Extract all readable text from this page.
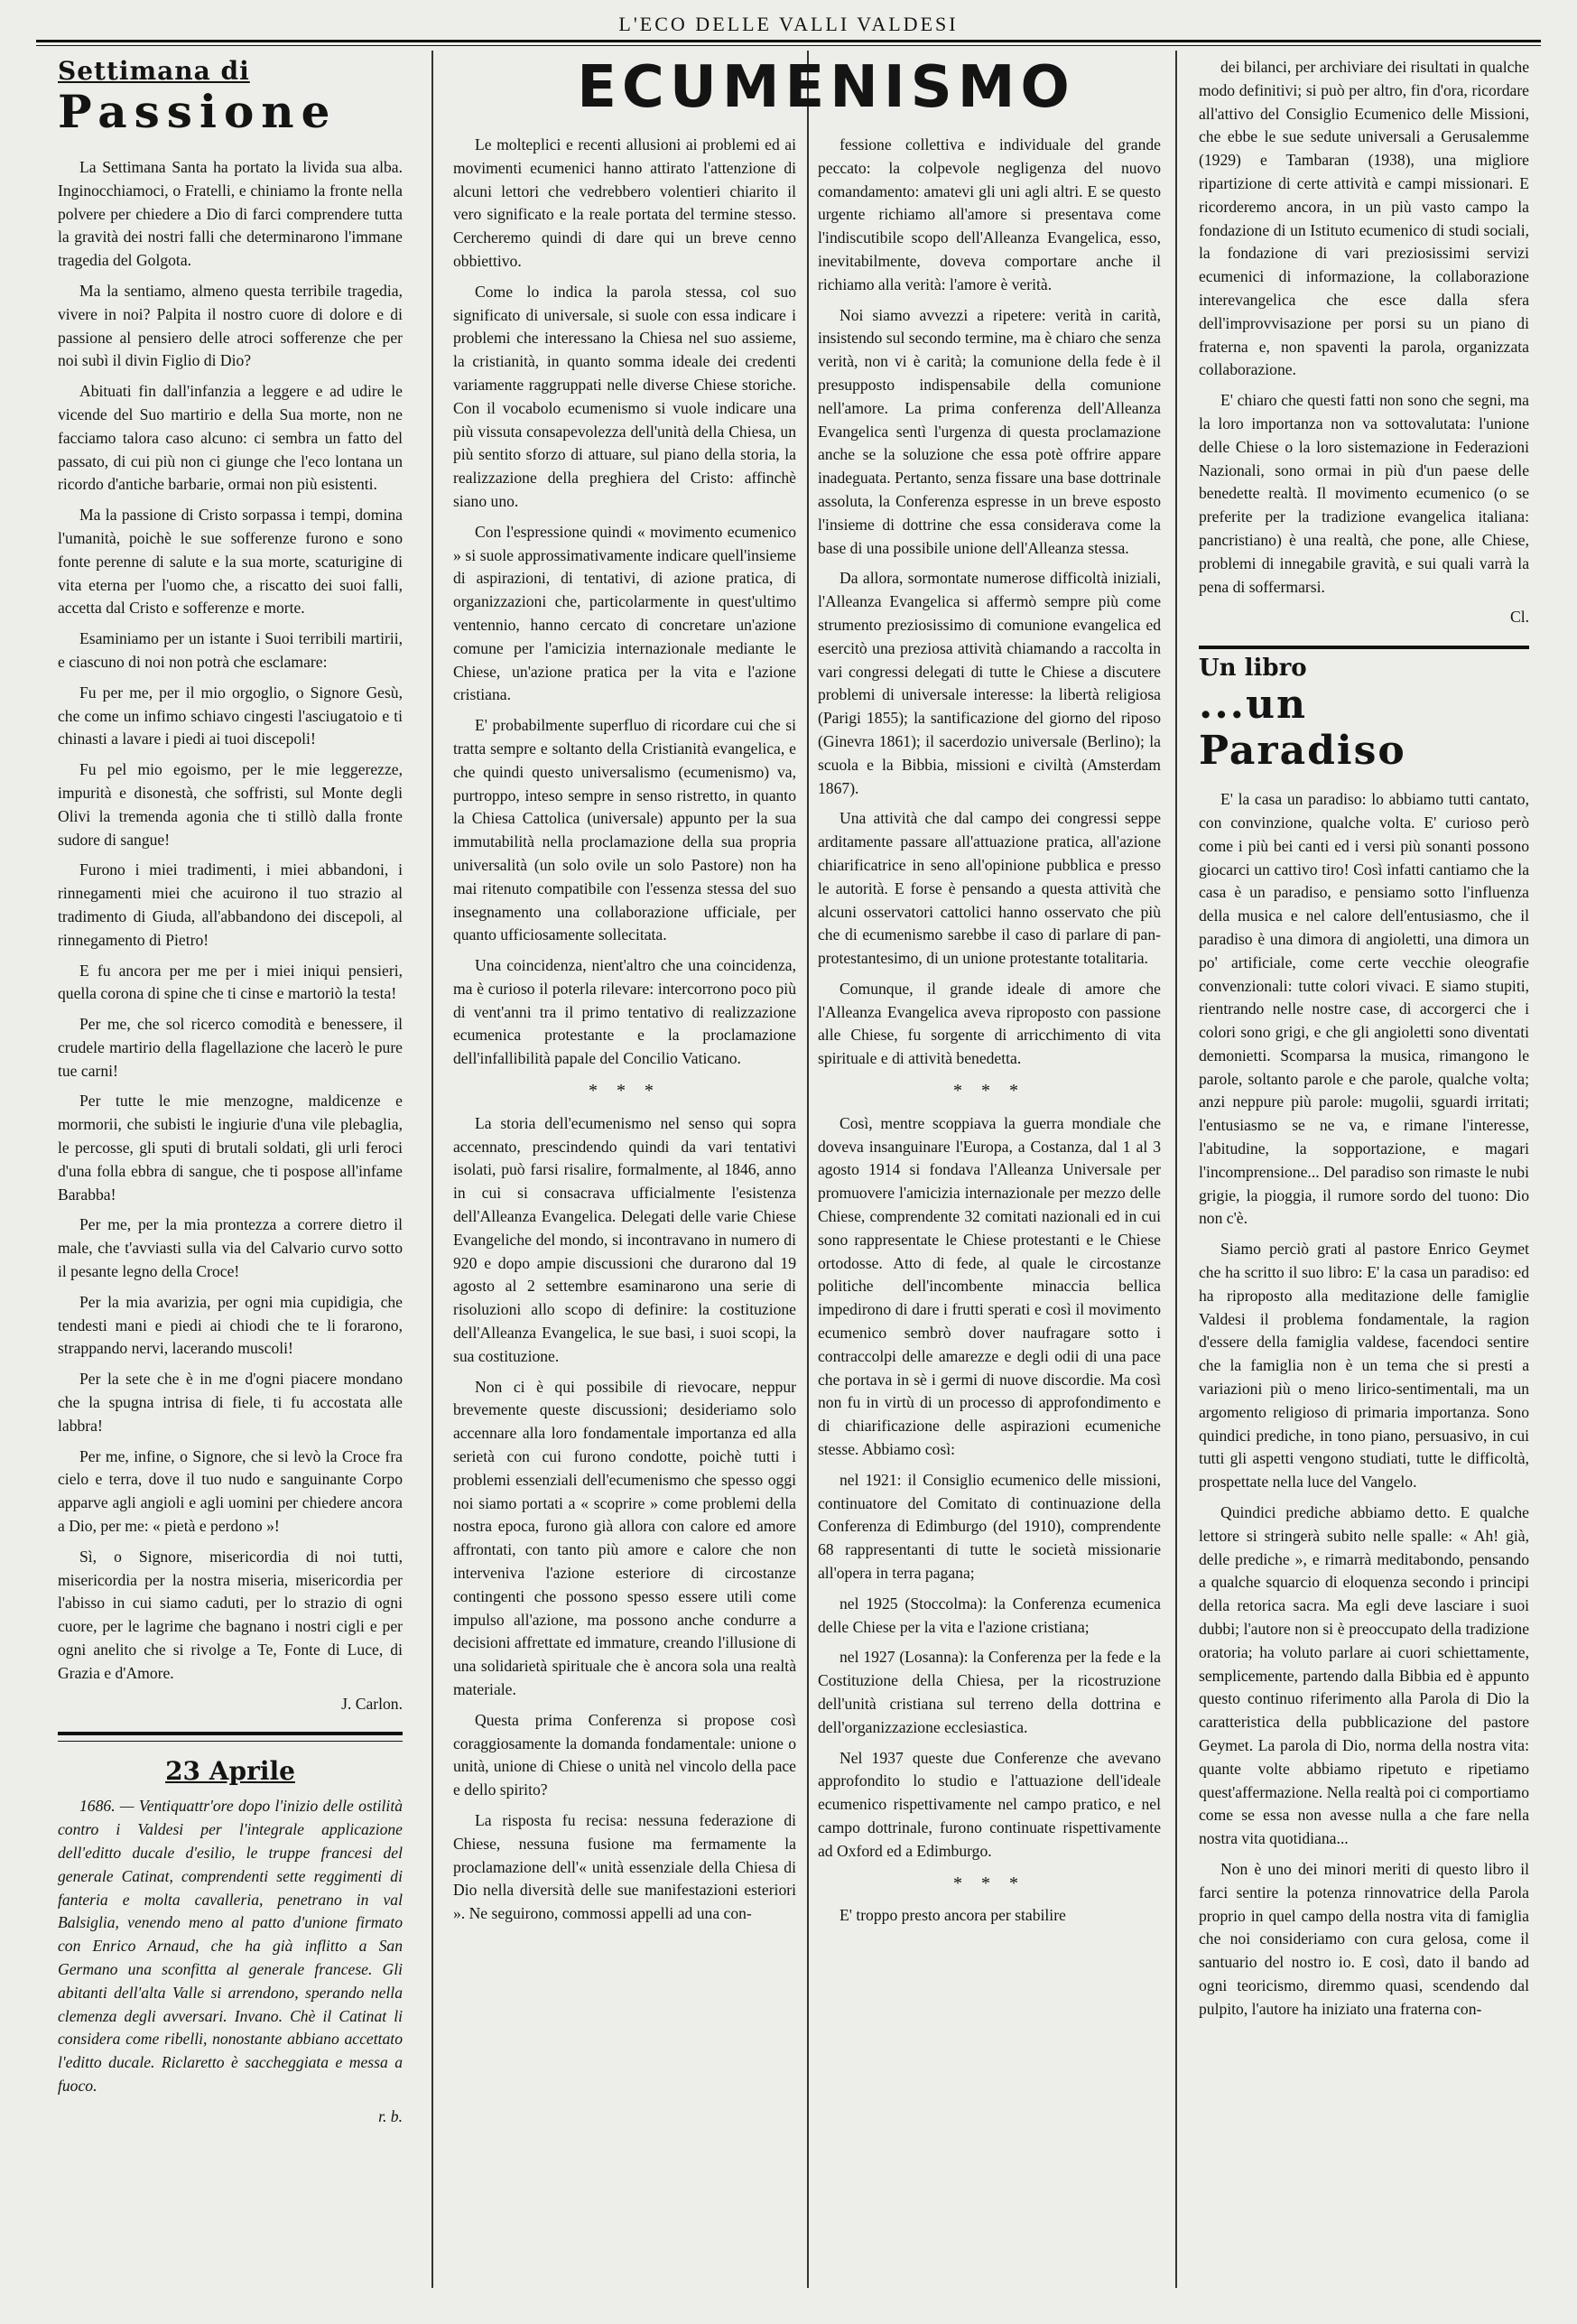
L'ECO DELLE VALLI VALDESI
ECUMENISMO
Settimana di
Passione

La Settimana Santa ha portato la livida sua alba. Inginocchiamoci, o Fratelli, e chiniamo la fronte nella polvere per chiedere a Dio di farci comprendere tutta la gravità dei nostri falli che determinarono l'immane tragedia del Golgota.

Ma la sentiamo, almeno questa terribile tragedia, vivere in noi? Palpita il nostro cuore di dolore e di passione al pensiero delle atroci sofferenze che per noi subì il divin Figlio di Dio?

Abituati fin dall'infanzia a leggere e ad udire le vicende del Suo martirio e della Sua morte, non ne facciamo talora caso alcuno: ci sembra un fatto del passato, di cui più non ci giunge che l'eco lontana un ricordo d'antiche barbarie, ormai non più esistenti.

Ma la passione di Cristo sorpassa i tempi, domina l'umanità, poichè le sue sofferenze furono e sono fonte perenne di salute e la sua morte, scaturigine di vita eterna per l'uomo che, a riscatto dei suoi falli, accetta dal Cristo e sofferenze e morte.

Esaminiamo per un istante i Suoi terribili martirii, e ciascuno di noi non potrà che esclamare:

Fu per me, per il mio orgoglio, o Signore Gesù, che come un infimo schiavo cingesti l'asciugatoio e ti chinasti a lavare i piedi ai tuoi discepoli!

Fu pel mio egoismo, per le mie leggerezze, impurità e disonestà, che soffristi, sul Monte degli Olivi la tremenda agonia che ti stillò dalla fronte sudore di sangue!

Furono i miei tradimenti, i miei abbandoni, i rinnegamenti miei che acuirono il tuo strazio al tradimento di Giuda, all'abbandono dei discepoli, al rinnegamento di Pietro!

E fu ancora per me per i miei iniqui pensieri, quella corona di spine che ti cinse e martoriò la testa!

Per me, che sol ricerco comodità e benessere, il crudele martirio della flagellazione che lacerò le pure tue carni!

Per tutte le mie menzogne, maldicenze e mormorii, che subisti le ingiurie d'una vile plebaglia, le percosse, gli sputi di brutali soldati, gli urli feroci d'una folla ebbra di sangue, che ti pospose all'infame Barabba!

Per me, per la mia prontezza a correre dietro il male, che t'avviasti sulla via del Calvario curvo sotto il pesante legno della Croce!

Per la mia avarizia, per ogni mia cupidigia, che tendesti mani e piedi ai chiodi che te li forarono, strappando nervi, lacerando muscoli!

Per la sete che è in me d'ogni piacere mondano che la spugna intrisa di fiele, ti fu accostata alle labbra!

Per me, infine, o Signore, che si levò la Croce fra cielo e terra, dove il tuo nudo e sanguinante Corpo apparve agli angioli e agli uomini per chiedere ancora a Dio, per me: « pietà e perdono »!

Sì, o Signore, misericordia di noi tutti, misericordia per la nostra miseria, misericordia per l'abisso in cui siamo caduti, per lo strazio di ogni cuore, per le lagrime che bagnano i nostri cigli e per ogni anelito che si rivolge a Te, Fonte di Luce, di Grazia e d'Amore.

J. Carlon.

23 Aprile

1686. — Ventiquattr'ore dopo l'inizio delle ostilità contro i Valdesi per l'integrale applicazione dell'editto ducale d'esilio, le truppe francesi del generale Catinat, comprendenti sette reggimenti di fanteria e molta cavalleria, penetrano in val Balsiglia, venendo meno al patto d'unione firmato con Enrico Arnaud, che ha già inflitto a San Germano una sconfitta al generale francese. Gli abitanti dell'alta Valle si arrendono, sperando nella clemenza degli avversari. Invano. Chè il Catinat li considera come ribelli, nonostante abbiano accettato l'editto ducale. Riclaretto è saccheggiata e messa a fuoco.

r. b.

Le molteplici e recenti allusioni ai problemi ed ai movimenti ecumenici hanno attirato l'attenzione di alcuni lettori che vedrebbero volentieri chiarito il vero significato e la reale portata del termine stesso. Cercheremo quindi di dare qui un breve cenno obbiettivo.

Come lo indica la parola stessa, col suo significato di universale, si suole con essa indicare i problemi che interessano la Chiesa nel suo assieme, la cristianità, in quanto somma ideale dei credenti variamente raggruppati nelle diverse Chiese storiche. Con il vocabolo ecumenismo si vuole indicare una più vissuta consapevolezza dell'unità della Chiesa, un più sentito sforzo di attuare, sul piano della storia, la realizzazione della preghiera del Cristo: affinchè siano uno.

Con l'espressione quindi « movimento ecumenico » si suole approssimativamente indicare quell'insieme di aspirazioni, di tentativi, di azione pratica, di organizzazioni che, particolarmente in quest'ultimo ventennio, hanno cercato di concretare un'azione comune per l'amicizia internazionale mediante le Chiese, un'azione pratica per la vita e l'azione cristiana.

E' probabilmente superfluo di ricordare cui che si tratta sempre e soltanto della Cristianità evangelica, e che quindi questo universalismo (ecumenismo) va, purtroppo, inteso sempre in senso ristretto, in quanto la Chiesa Cattolica (universale) appunto per la sua immutabilità nella proclamazione della sua propria universalità (un solo ovile un solo Pastore) non ha mai ritenuto compatibile con l'essenza stessa del suo insegnamento una collaborazione ufficiale, per quanto ufficiosamente sollecitata.

Una coincidenza, nient'altro che una coincidenza, ma è curioso il poterla rilevare: intercorrono poco più di vent'anni tra il primo tentativo di realizzazione ecumenica protestante e la proclamazione dell'infallibilità papale del Concilio Vaticano.

* * *

La storia dell'ecumenismo nel senso qui sopra accennato, prescindendo quindi da vari tentativi isolati, può farsi risalire, formalmente, al 1846, anno in cui si consacrava ufficialmente l'esistenza dell'Alleanza Evangelica. Delegati delle varie Chiese Evangeliche del mondo, si incontravano in numero di 920 e dopo ampie discussioni che durarono dal 19 agosto al 2 settembre esaminarono una serie di risoluzioni allo scopo di definire: la costituzione dell'Alleanza Evangelica, le sue basi, i suoi scopi, la sua costituzione.

Non ci è qui possibile di rievocare, neppur brevemente queste discussioni; desideriamo solo accennare alla loro fondamentale importanza ed alla serietà con cui furono condotte, poichè tutti i problemi essenziali dell'ecumenismo che spesso oggi noi siamo portati a « scoprire » come problemi della nostra epoca, furono già allora con calore ed amore affrontati, con tanto più amore e calore che non interveniva l'azione esteriore di circostanze contingenti che possono spesso essere utili come impulso all'azione, ma possono anche condurre a decisioni affrettate ed immature, creando l'illusione di una solidarietà spirituale che è ancora sola una realtà materiale.

Questa prima Conferenza si propose così coraggiosamente la domanda fondamentale: unione o unità, unione di Chiese o unità nel vincolo della pace e dello spirito?

La risposta fu recisa: nessuna federazione di Chiese, nessuna fusione ma fermamente la proclamazione dell'« unità essenziale della Chiesa di Dio nella diversità delle sue manifestazioni esteriori ». Ne seguirono, commossi appelli ad una con-

fessione collettiva e individuale del grande peccato: la colpevole negligenza del nuovo comandamento: amatevi gli uni agli altri. E se questo urgente richiamo all'amore si presentava come l'indiscutibile scopo dell'Alleanza Evangelica, esso, inevitabilmente, doveva comportare anche il richiamo alla verità: l'amore è verità.

Noi siamo avvezzi a ripetere: verità in carità, insistendo sul secondo termine, ma è chiaro che senza verità, non vi è carità; la comunione della fede è il presupposto indispensabile della comunione nell'amore. La prima conferenza dell'Alleanza Evangelica sentì l'urgenza di questa proclamazione anche se la soluzione che essa potè offrire appare inadeguata. Pertanto, senza fissare una base dottrinale assoluta, la Conferenza espresse in un breve esposto l'insieme di dottrine che essa considerava come la base di una possibile unione dell'Alleanza stessa.

Da allora, sormontate numerose difficoltà iniziali, l'Alleanza Evangelica si affermò sempre più come strumento preziosissimo di comunione evangelica ed esercitò una preziosa attività chiamando a raccolta in vari congressi delegati di tutte le Chiese a discutere problemi di universale interesse: la libertà religiosa (Parigi 1855); la santificazione del giorno del riposo (Ginevra 1861); il sacerdozio universale (Berlino); la scuola e la Bibbia, missioni e civiltà (Amsterdam 1867).

Una attività che dal campo dei congressi seppe arditamente passare all'attuazione pratica, all'azione chiarificatrice in seno all'opinione pubblica e presso le autorità. E forse è pensando a questa attività che alcuni osservatori cattolici hanno osservato che più che di ecumenismo sarebbe il caso di parlare di pan-protestantesimo, di un unione protestante totalitaria.

Comunque, il grande ideale di amore che l'Alleanza Evangelica aveva riproposto con passione alle Chiese, fu sorgente di arricchimento di vita spirituale e di attività benedetta.

* * *

Così, mentre scoppiava la guerra mondiale che doveva insanguinare l'Europa, a Costanza, dal 1 al 3 agosto 1914 si fondava l'Alleanza Universale per promuovere l'amicizia internazionale per mezzo delle Chiese, comprendente 32 comitati nazionali ed in cui sono rappresentate le Chiese protestanti e le Chiese ortodosse. Atto di fede, al quale le circostanze politiche dell'incombente minaccia bellica impedirono di dare i frutti sperati e così il movimento ecumenico sembrò dover naufragare sotto i contraccolpi delle amarezze e degli odii di una pace che portava in sè i germi di nuove discordie. Ma così non fu in virtù di un processo di approfondimento e di chiarificazione delle aspirazioni ecumeniche stesse. Abbiamo così:

nel 1921: il Consiglio ecumenico delle missioni, continuatore del Comitato di continuazione della Conferenza di Edimburgo (del 1910), comprendente 68 rappresentanti di tutte le società missionarie all'opera in terra pagana;

nel 1925 (Stoccolma): la Conferenza ecumenica delle Chiese per la vita e l'azione cristiana;

nel 1927 (Losanna): la Conferenza per la fede e la Costituzione della Chiesa, per la ricostruzione dell'unità cristiana sul terreno della dottrina e dell'organizzazione ecclesiastica.

Nel 1937 queste due Conferenze che avevano approfondito lo studio e l'attuazione dell'ideale ecumenico rispettivamente nel campo pratico, e nel campo dottrinale, furono continuate rispettivamente ad Oxford ed a Edimburgo.

* * *

E' troppo presto ancora per stabilire

dei bilanci, per archiviare dei risultati in qualche modo definitivi; si può per altro, fin d'ora, ricordare all'attivo del Consiglio Ecumenico delle Missioni, che ebbe le sue sedute universali a Gerusalemme (1929) e Tambaran (1938), una migliore ripartizione di certe attività e campi missionari. E ricorderemo ancora, in un più vasto campo la fondazione di un Istituto ecumenico di studi sociali, la fondazione di vari preziosissimi servizi ecumenici di informazione, la collaborazione interevangelica che esce dalla sfera dell'improvvisazione per porsi su un piano di fraterna e, non spaventi la parola, organizzata collaborazione.

E' chiaro che questi fatti non sono che segni, ma la loro importanza non va sottovalutata: l'unione delle Chiese o la loro sistemazione in Federazioni Nazionali, sono ormai in più d'un paese delle benedette realtà. Il movimento ecumenico (o se preferite per la tradizione evangelica italiana: pancristiano) è una realtà, che pone, alle Chiese, problemi di innegabile gravità, e sui quali varrà la pena di soffermarsi.

Cl.

Un libro
...un Paradiso

E' la casa un paradiso: lo abbiamo tutti cantato, con convinzione, qualche volta. E' curioso però come i più bei canti ed i versi più sonanti possono giocarci un cattivo tiro! Così infatti cantiamo che la casa è un paradiso, e pensiamo sotto l'influenza della musica e nel calore dell'entusiasmo, che il paradiso è una dimora di angioletti, una dimora un po' artificiale, come certe vecchie oleografie convenzionali: tutte colori vivaci. E siamo stupiti, rientrando nelle nostre case, di accorgerci che i colori sono grigi, e che gli angioletti sono diventati demonietti. Scomparsa la musica, rimangono le parole, soltanto parole e che parole, qualche volta; anzi neppure più parole: mugolii, sguardi irritati; l'entusiasmo se ne va, e rimane l'interesse, l'abitudine, la sopportazione, e magari l'incomprensione... Del paradiso son rimaste le nubi grigie, la pioggia, il rumore sordo del tuono: Dio non c'è.

Siamo perciò grati al pastore Enrico Geymet che ha scritto il suo libro: E' la casa un paradiso: ed ha riproposto alla meditazione delle famiglie Valdesi il problema fondamentale, la ragion d'essere della famiglia valdese, facendoci sentire che la famiglia non è un tema che si presti a variazioni più o meno lirico-sentimentali, ma un argomento religioso di primaria importanza. Sono quindici prediche, in tono piano, persuasivo, in cui tutti gli aspetti vengono studiati, tutte le difficoltà, prospettate nella luce del Vangelo.

Quindici prediche abbiamo detto. E qualche lettore si stringerà subito nelle spalle: « Ah! già, delle prediche », e rimarrà meditabondo, pensando a qualche squarcio di eloquenza secondo i principi della retorica sacra. Ma egli deve lasciare i suoi dubbi; l'autore non si è preoccupato della tradizione oratoria; ha voluto parlare ai cuori schiettamente, semplicemente, partendo dalla Bibbia ed è appunto questo continuo riferimento alla Parola di Dio la caratteristica della pubblicazione del pastore Geymet. La parola di Dio, norma della nostra vita: quante volte abbiamo ripetuto e ripetiamo quest'affermazione. Nella realtà poi ci comportiamo come se essa non avesse nulla a che fare nella nostra vita quotidiana...

Non è uno dei minori meriti di questo libro il farci sentire la potenza rinnovatrice della Parola proprio in quel campo della nostra vita di famiglia che noi consideriamo con cura gelosa, come il santuario del nostro io. E così, dato il bando ad ogni teoricismo, diremmo quasi, scendendo dal pulpito, l'autore ha iniziato una fraterna con-
